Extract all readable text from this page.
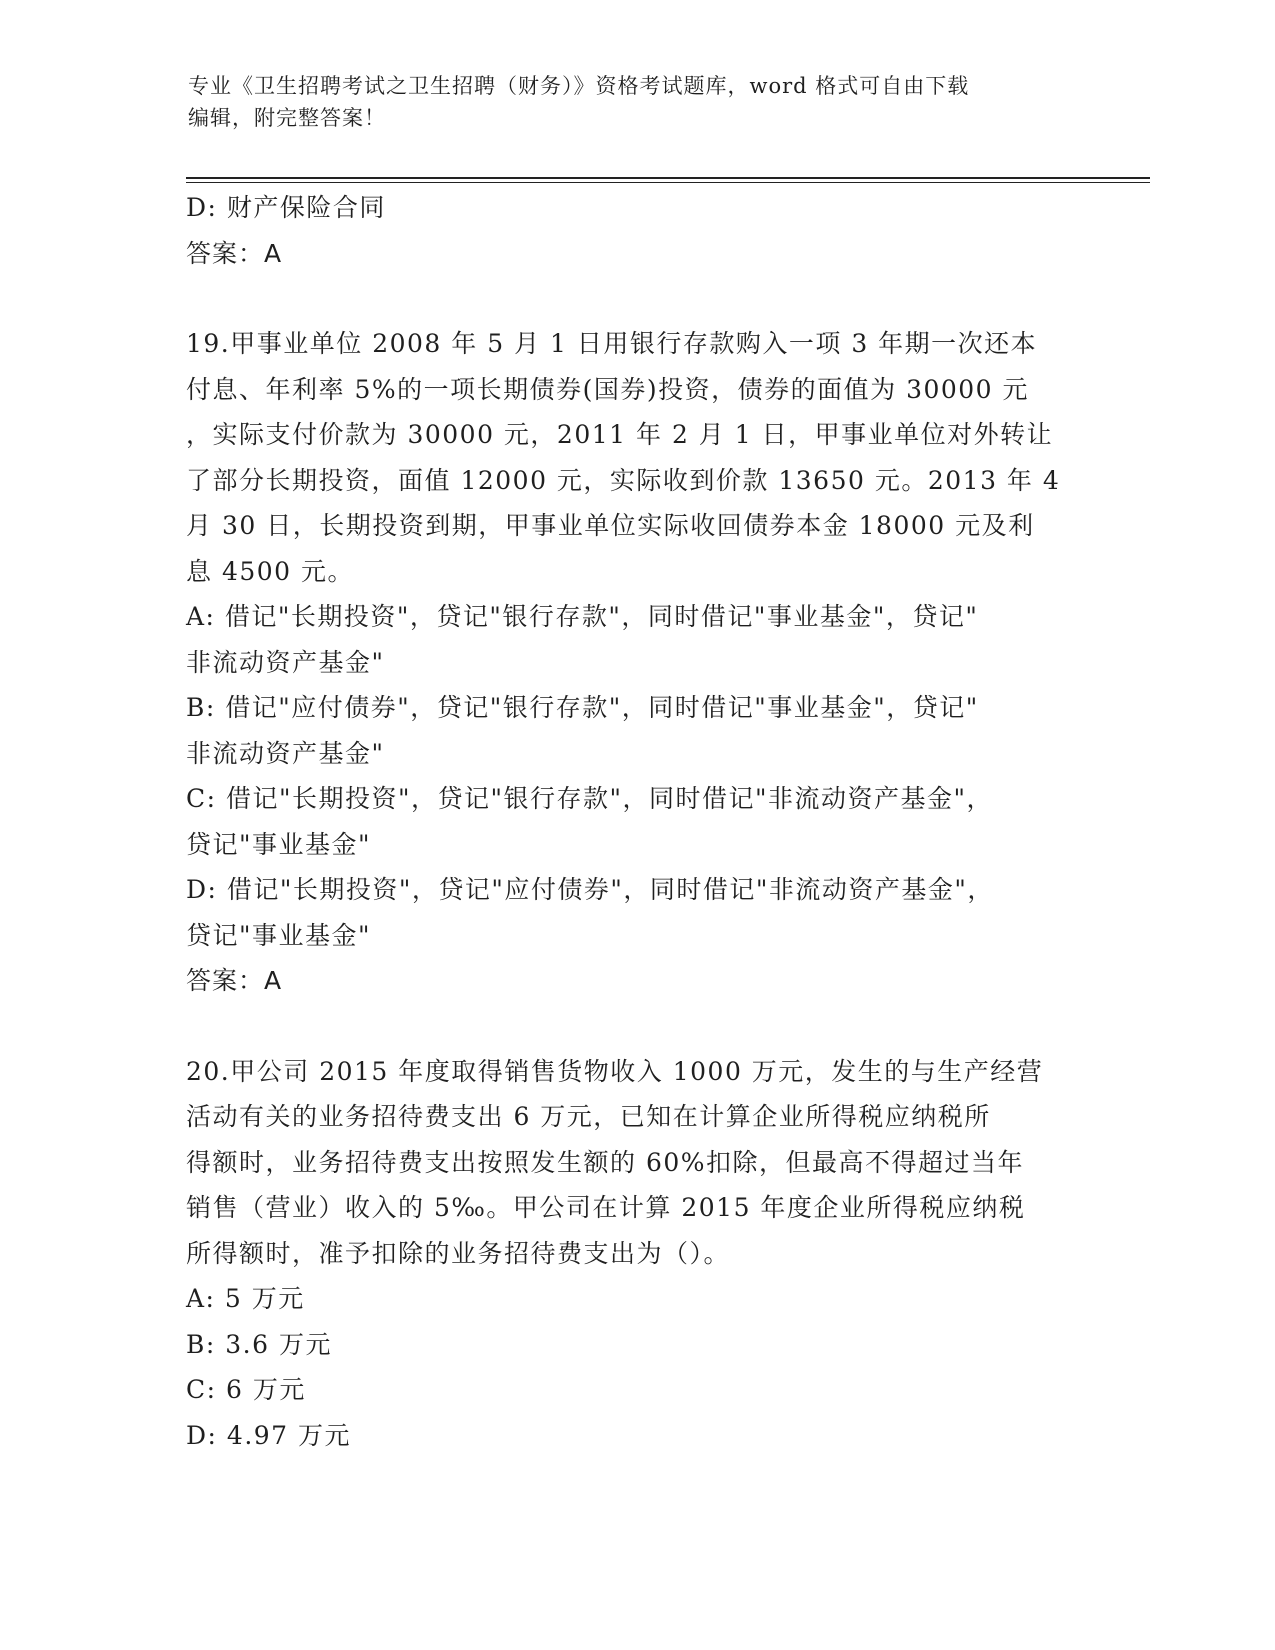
专业《卫生招聘考试之卫生招聘（财务）》资格考试题库，word 格式可自由下载
编辑，附完整答案！
D: 财产保险合同
答案：A
19.甲事业单位 2008 年 5 月 1 日用银行存款购入一项 3 年期一次还本
付息、年利率 5%的一项长期债券(国券)投资，债券的面值为 30000 元
，实际支付价款为 30000 元，2011 年 2 月 1 日，甲事业单位对外转让
了部分长期投资，面值 12000 元，实际收到价款 13650 元。2013 年 4
月 30 日，长期投资到期，甲事业单位实际收回债券本金 18000 元及利
息 4500 元。
A: 借记"长期投资"，贷记"银行存款"，同时借记"事业基金"，贷记"
非流动资产基金"
B: 借记"应付债券"，贷记"银行存款"，同时借记"事业基金"，贷记"
非流动资产基金"
C: 借记"长期投资"，贷记"银行存款"，同时借记"非流动资产基金"，
贷记"事业基金"
D: 借记"长期投资"，贷记"应付债券"，同时借记"非流动资产基金"，
贷记"事业基金"
答案：A
20.甲公司 2015 年度取得销售货物收入 1000 万元，发生的与生产经营
活动有关的业务招待费支出 6 万元，已知在计算企业所得税应纳税所
得额时，业务招待费支出按照发生额的 60%扣除，但最高不得超过当年
销售（营业）收入的 5‰。甲公司在计算 2015 年度企业所得税应纳税
所得额时，准予扣除的业务招待费支出为（）。
A: 5 万元
B: 3.6 万元
C: 6 万元
D: 4.97 万元
